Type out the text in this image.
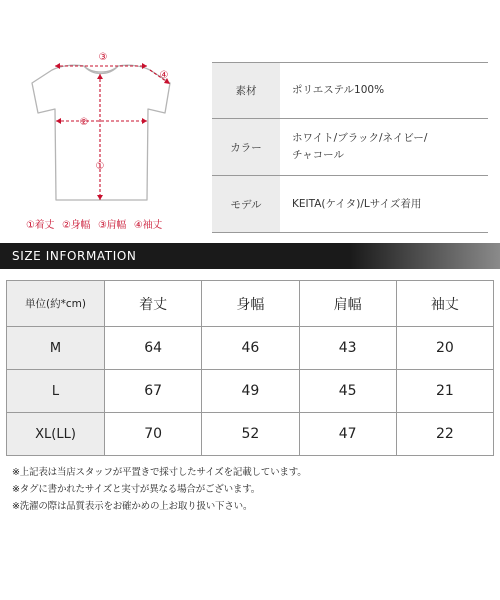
③
④
②
①
①着丈 ②身幅 ③肩幅 ④袖丈
素材	ポリエステル100%
カラー	ホワイト/ブラック/ネイビー/
チャコール
モデル	KEITA(ケイタ)/Lサイズ着用
SIZE INFORMATION
単位(約*cm)	着丈	身幅	肩幅	袖丈
M	64	46	43	20
L	67	49	45	21
XL(LL)	70	52	47	22
※上記表は当店スタッフが平置きで採寸したサイズを記載しています。
※タグに書かれたサイズと実寸が異なる場合がございます。
※洗濯の際は品質表示をお確かめの上お取り扱い下さい。
